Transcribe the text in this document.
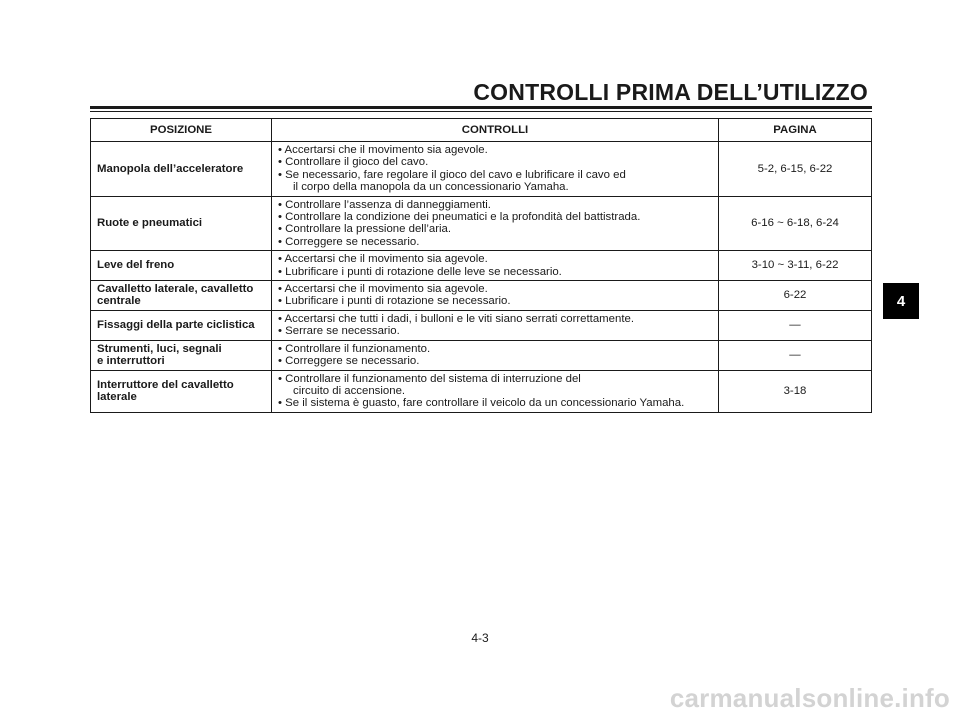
CONTROLLI PRIMA DELL’UTILIZZO
POSIZIONE	CONTROLLI	PAGINA
Manopola dell’acceleratore	• Accertarsi che il movimento sia agevole.
• Controllare il gioco del cavo.
• Se necessario, fare regolare il gioco del cavo e lubrificare il cavo ed
il corpo della manopola da un concessionario Yamaha.	5-2, 6-15, 6-22
Ruote e pneumatici	• Controllare l’assenza di danneggiamenti.
• Controllare la condizione dei pneumatici e la profondità del battistrada.
• Controllare la pressione dell’aria.
• Correggere se necessario.	6-16 ~ 6-18, 6-24
Leve del freno	• Accertarsi che il movimento sia agevole.
• Lubrificare i punti di rotazione delle leve se necessario.	3-10 ~ 3-11, 6-22

Cavalletto laterale, cavalletto
centrale	• Accertarsi che il movimento sia agevole.
• Lubrificare i punti di rotazione se necessario.	6-22
Fissaggi della parte ciclistica	• Accertarsi che tutti i dadi, i bulloni e le viti siano serrati correttamente.
• Serrare se necessario.	—

Strumenti, luci, segnali
e interruttori	• Controllare il funzionamento.
• Correggere se necessario.	—

Interruttore del cavalletto
laterale	• Controllare il funzionamento del sistema di interruzione del
circuito di accensione.
• Se il sistema è guasto, fare controllare il veicolo da un concessionario Yamaha.	3-18
4
4-3
carmanualsonline.info
